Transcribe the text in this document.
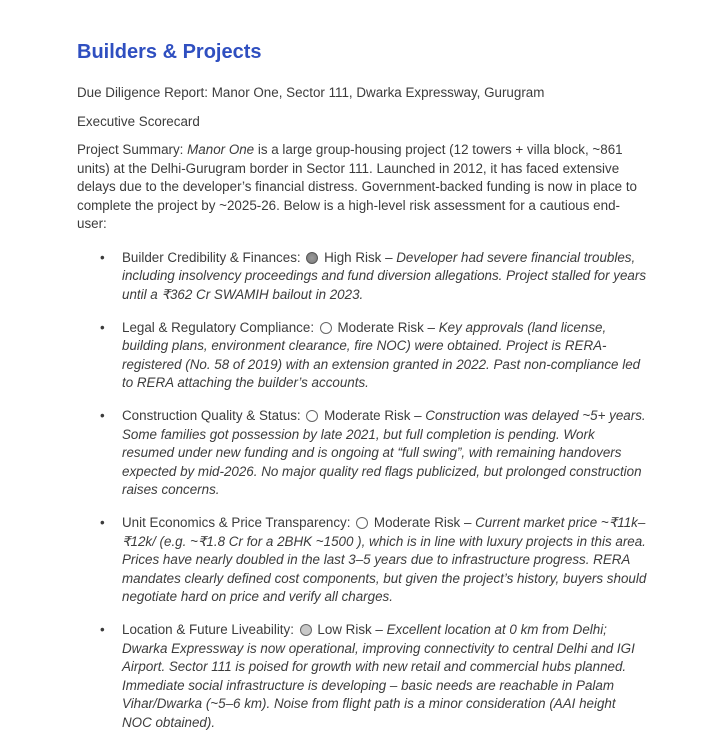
Builders & Projects

Due Diligence Report: Manor One, Sector 111, Dwarka Expressway, Gurugram

Executive Scorecard

Project Summary: Manor One is a large group-housing project (12 towers + villa block, ~861 units) at the Delhi-Gurugram border in Sector 111. Launched in 2012, it has faced extensive delays due to the developer’s financial distress. Government-backed funding is now in place to complete the project by ~2025-26. Below is a high-level risk assessment for a cautious end-user:

• Builder Credibility & Finances:  High Risk – Developer had severe financial troubles, including insolvency proceedings and fund diversion allegations. Project stalled for years until a ₹362 Cr SWAMIH bailout in 2023.
• Legal & Regulatory Compliance:  Moderate Risk – Key approvals (land license, building plans, environment clearance, fire NOC) were obtained. Project is RERA-registered (No. 58 of 2019) with an extension granted in 2022. Past non-compliance led to RERA attaching the builder’s accounts.
• Construction Quality & Status:  Moderate Risk – Construction was delayed ~5+ years. Some families got possession by late 2021, but full completion is pending. Work resumed under new funding and is ongoing at “full swing”, with remaining handovers expected by mid-2026. No major quality red flags publicized, but prolonged construction raises concerns.
• Unit Economics & Price Transparency:  Moderate Risk – Current market price ~₹11k–₹12k/ (e.g. ~₹1.8 Cr for a 2BHK ~1500 ), which is in line with luxury projects in this area. Prices have nearly doubled in the last 3–5 years due to infrastructure progress. RERA mandates clearly defined cost components, but given the project’s history, buyers should negotiate hard on price and verify all charges.
• Location & Future Liveability:  Low Risk – Excellent location at 0 km from Delhi; Dwarka Expressway is now operational, improving connectivity to central Delhi and IGI Airport. Sector 111 is poised for growth with new retail and commercial hubs planned. Immediate social infrastructure is developing – basic needs are reachable in Palam Vihar/Dwarka (~5–6 km). Noise from flight path is a minor consideration (AAI height NOC obtained).
